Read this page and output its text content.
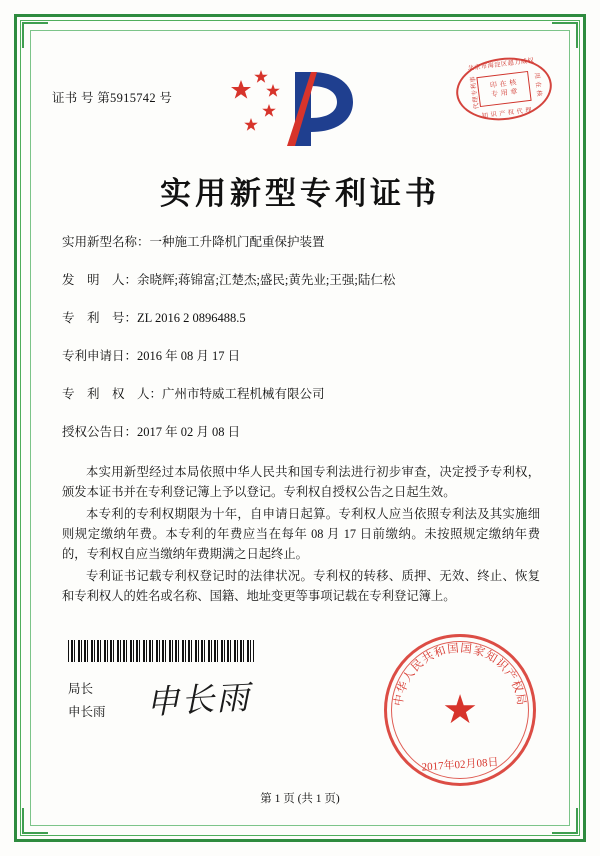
证书 号 第5915742 号
北京市海淀区超力威权
知 识 产 权 代 理
代理专利事	用 在 核
印 在 核
专 用 章
实用新型专利证书
实用新型名称：一种施工升降机门配重保护装置
发　明　人：余晓辉;蒋锦富;江楚杰;盛民;黄先业;王强;陆仁松
专　利　号：ZL 2016 2 0896488.5
专利申请日：2016 年 08 月 17 日
专　利　权　人：广州市特威工程机械有限公司
授权公告日：2017 年 02 月 08 日

本实用新型经过本局依照中华人民共和国专利法进行初步审查，决定授予专利权，颁发本证书并在专利登记簿上予以登记。专利权自授权公告之日起生效。

本专利的专利权期限为十年，自申请日起算。专利权人应当依照专利法及其实施细则规定缴纳年费。本专利的年费应当在每年 08 月 17 日前缴纳。未按照规定缴纳年费的，专利权自应当缴纳年费期满之日起终止。

专利证书记载专利权登记时的法律状况。专利权的转移、质押、无效、终止、恢复和专利权人的姓名或名称、国籍、地址变更等事项记载在专利登记簿上。

局长
申长雨 申长雨	中华人民共和国国家知识产权局
★
2017年02月08日
第 1 页 (共 1 页)
